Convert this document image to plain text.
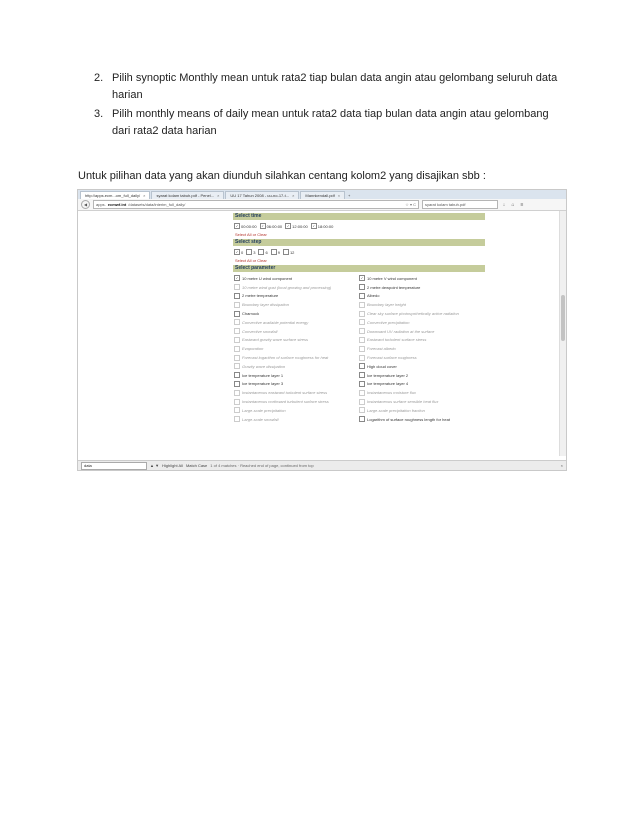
2. Pilih synoptic Monthly mean untuk rata2 tiap bulan data angin atau gelombang seluruh data harian
3. Pilih monthly means of daily mean untuk rata2 data tiap bulan data angin atau gelombang dari rata2 data harian

Untuk pilihan data yang akan diunduh silahkan centang kolom2 yang disajikan sbb :

http://apps.ecm...om_full_daily/ ×	syarat kolam tabuh.pdf - Penel... ×	UU 17 Tahun 2008 - uu-no-17-t... ×	Mannkendall.pdf ×	+
◀ apps. ecmwf.int /datasets/data/interim_full_daily/	☆ ▾ C syarat kolam tabuh.pdf	↓	⌂	≡
Select time
✓ 00:00:00	✓ 06:00:00	✓ 12:00:00	✓ 18:00:00
Select All or Clear
Select step
✓ 0	3	6	9	12
Select All or Clear
Select parameter
✓ 10 metre U wind component	✓ 10 metre V wind component
10 metre wind gust (local growing and processing)	2 metre dewpoint temperature
2 metre temperature	Albedo
Boundary layer dissipation	Boundary layer height
Charnock	Clear sky surface photosynthetically active radiation
Convective available potential energy	Convective precipitation
Convective snowfall	Downward UV radiation at the surface
Eastward gravity wave surface stress	Eastward turbulent surface stress
Evaporation	Forecast albedo
Forecast logarithm of surface roughness for heat	Forecast surface roughness
Gravity wave dissipation	High cloud cover
Ice temperature layer 1	Ice temperature layer 2
Ice temperature layer 3	Ice temperature layer 4
Instantaneous eastward turbulent surface stress	Instantaneous moisture flux
Instantaneous northward turbulent surface stress	Instantaneous surface sensible heat flux
Large-scale precipitation	Large-scale precipitation fraction
Large-scale snowfall	Logarithm of surface roughness length for heat
data	▲ ▼ Highlight All Match Case 1 of 4 matches · Reached end of page, continued from top	×
